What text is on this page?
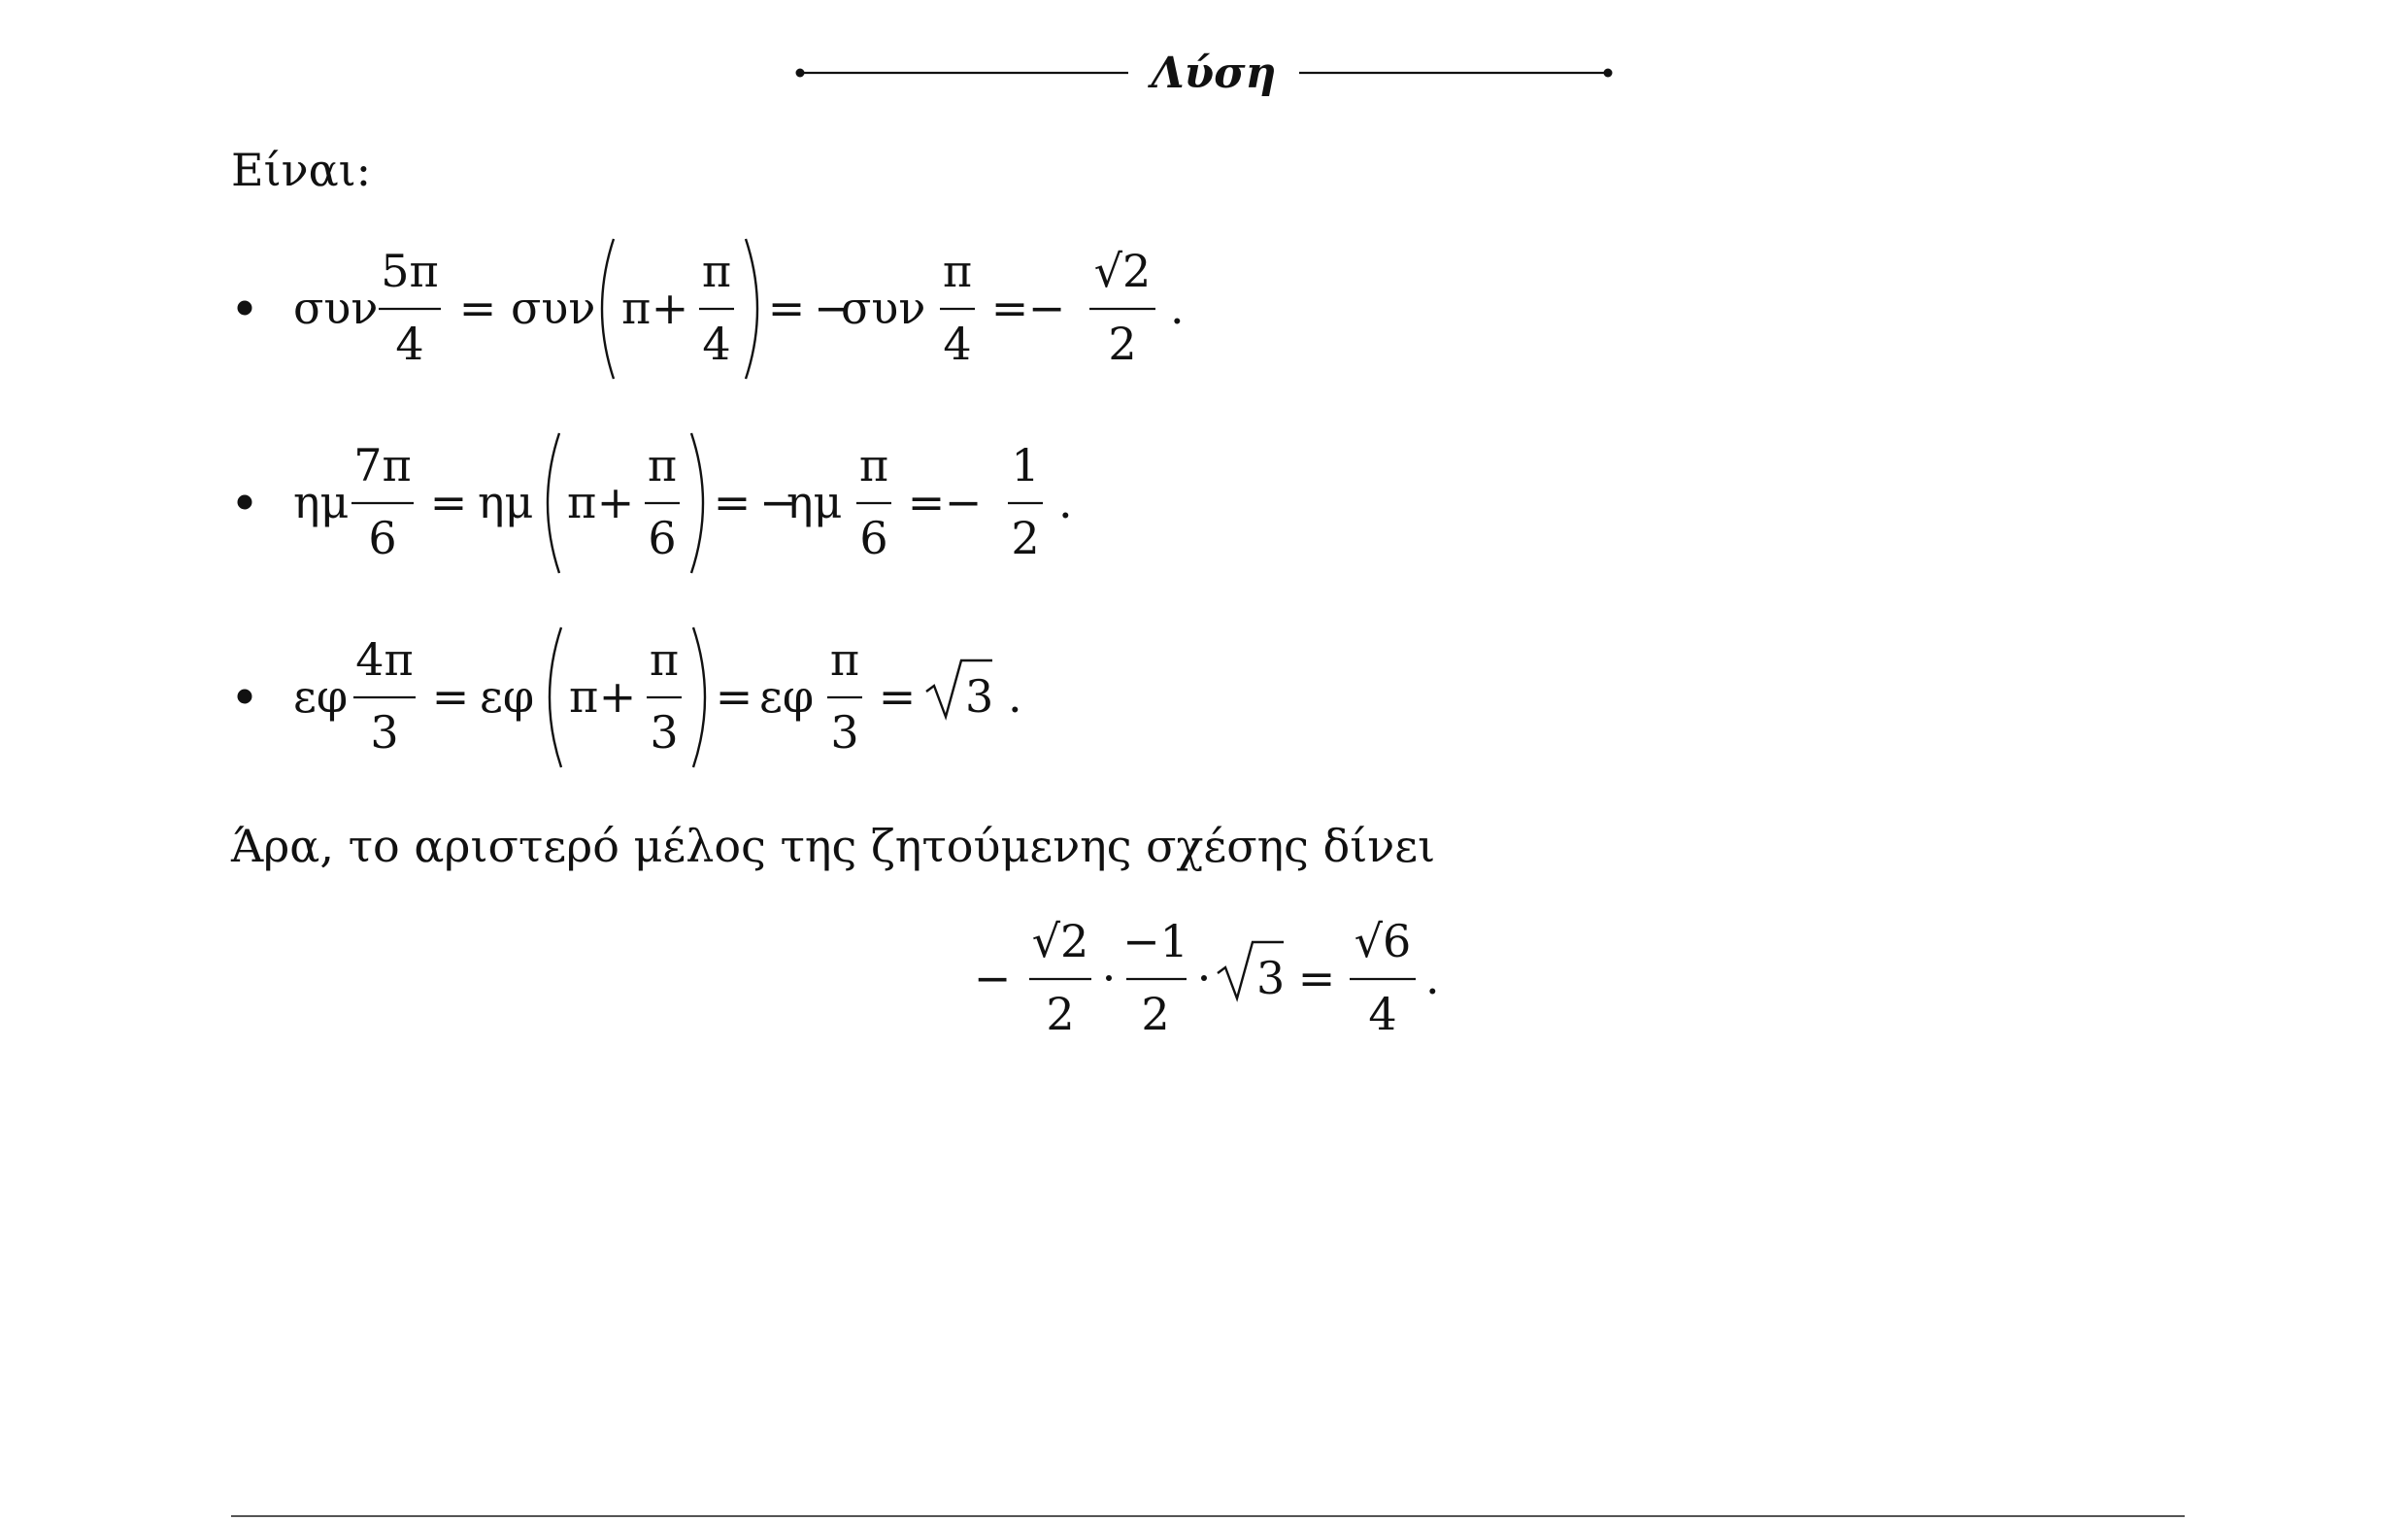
Λύση
Είναι:
συν
5π
4
= συν π +
π
4
= −
συν
π
4
= −
√2
2
.
ημ
7π
6
= ημ π +
π
6
= −
ημ
π
6
= −
1
2
.
εφ
4π
3
= εφ π +
π
3
= εφ
π
3
= 3 .
Άρα, το αριστερό μέλος της ζητούμενης σχέσης δίνει
−
√2
2
−1
2
3 =
√6
4
.
